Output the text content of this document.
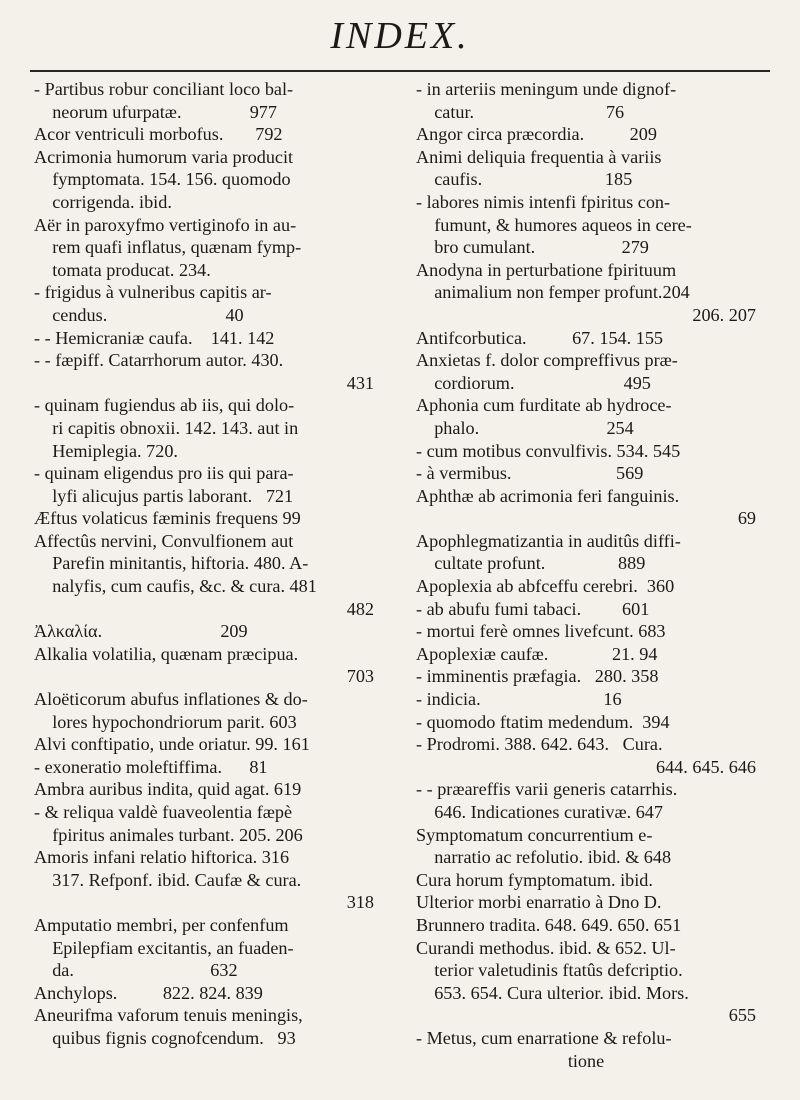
INDEX.
- Partibus robur conciliant loco bal-
neorum ufurpatæ.               977
Acor ventriculi morbofus.       792
Acrimonia humorum varia producit
fymptomata. 154. 156. quomodo
corrigenda. ibid.
Aër in paroxyfmo vertiginofo in au-
rem quafi inflatus, quænam fymp-
tomata producat. 234.
- frigidus à vulneribus capitis ar-
cendus.                          40
- - Hemicraniæ caufa.    141. 142
- - fæpiff. Catarrhorum autor. 430.
431
- quinam fugiendus ab iis, qui dolo-
ri capitis obnoxii. 142. 143. aut in
Hemiplegia. 720.
- quinam eligendus pro iis qui para-
lyfi alicujus partis laborant.   721
Æftus volaticus fæminis frequens 99
Affectûs nervini, Convulfionem aut
Parefin minitantis, hiftoria. 480. A-
nalyfis, cum caufis, &c. & cura. 481
482
Ἀλκαλία.                          209
Alkalia volatilia, quænam præcipua.
703
Aloëticorum abufus inflationes & do-
lores hypochondriorum parit. 603
Alvi conftipatio, unde oriatur. 99. 161
- exoneratio moleftiffima.      81
Ambra auribus indita, quid agat. 619
- & reliqua valdè fuaveolentia fæpè
fpiritus animales turbant. 205. 206
Amoris infani relatio hiftorica. 316
317. Refponf. ibid. Caufæ & cura.
318
Amputatio membri, per confenfum
Epilepfiam excitantis, an fuaden-
da.                              632
Anchylops.          822. 824. 839
Aneurifma vaforum tenuis meningis,
quibus fignis cognofcendum.   93
- in arteriis meningum unde dignof-
catur.                             76
Angor circa præcordia.          209
Animi deliquia frequentia à variis
caufis.                           185
- labores nimis intenfi fpiritus con-
fumunt, & humores aqueos in cere-
bro cumulant.                   279
Anodyna in perturbatione fpirituum
animalium non femper profunt.204
206. 207
Antifcorbutica.          67. 154. 155
Anxietas f. dolor compreffivus præ-
cordiorum.                        495
Aphonia cum furditate ab hydroce-
phalo.                            254
- cum motibus convulfivis. 534. 545
- à vermibus.                       569
Aphthæ ab acrimonia feri fanguinis.
69
Apophlegmatizantia in auditûs diffi-
cultate profunt.                889
Apoplexia ab abfceffu cerebri.  360
- ab abufu fumi tabaci.         601
- mortui ferè omnes livefcunt. 683
Apoplexiæ caufæ.              21. 94
- imminentis præfagia.   280. 358
- indicia.                           16
- quomodo ftatim medendum.  394
- Prodromi. 388. 642. 643.   Cura.
644. 645. 646
- - præareffis varii generis catarrhis.
646. Indicationes curativæ. 647
Symptomatum concurrentium e-
narratio ac refolutio. ibid. & 648
Cura horum fymptomatum. ibid.
Ulterior morbi enarratio à Dno D.
Brunnero tradita. 648. 649. 650. 651
Curandi methodus. ibid. & 652. Ul-
terior valetudinis ftatûs defcriptio.
653. 654. Cura ulterior. ibid. Mors.
655
- Metus, cum enarratione & refolu-
tione
